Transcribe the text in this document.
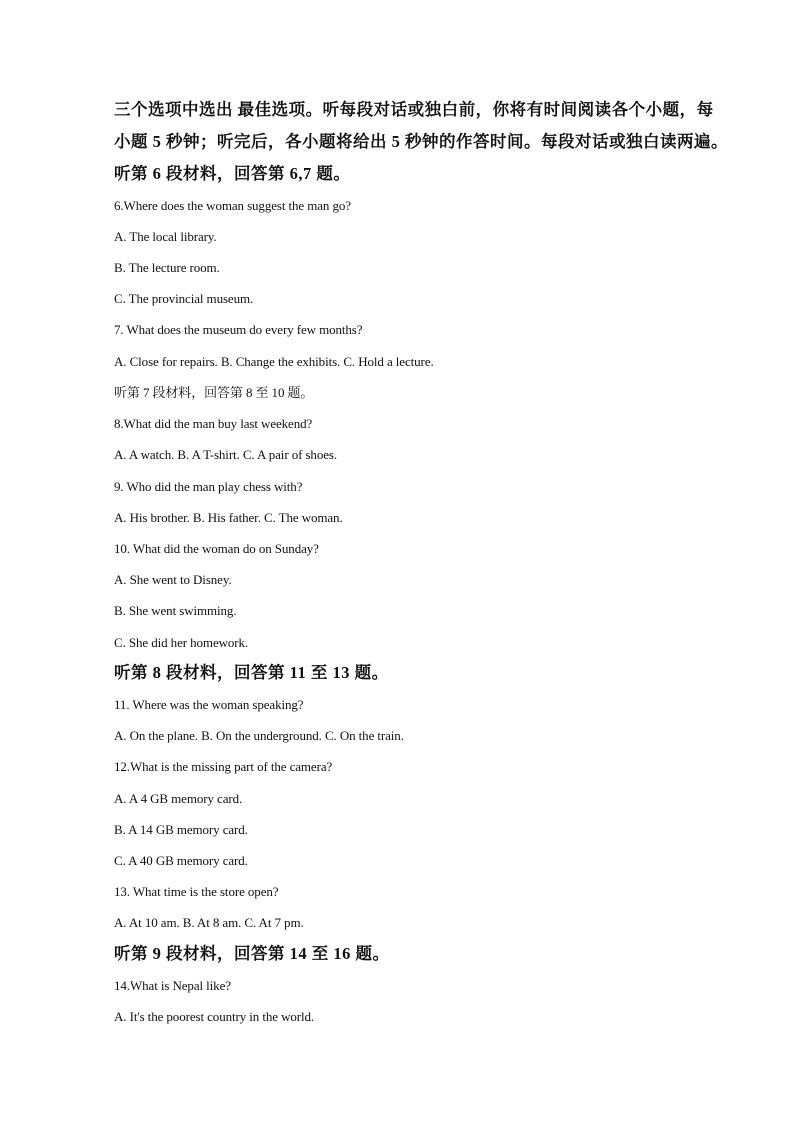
三个选项中选出 最佳选项。听每段对话或独白前，你将有时间阅读各个小题，每
小题 5 秒钟；听完后，各小题将给出 5 秒钟的作答时间。每段对话或独白读两遍。
听第 6 段材料，回答第 6,7 题。
6.Where does the woman suggest the man go?
A. The local library.
B. The lecture room.
C. The provincial museum.
7. What does the museum do every few months?
A. Close for repairs. B. Change the exhibits. C. Hold a lecture.
听第 7 段材料，回答第 8 至 10 题。
8.What did the man buy last weekend?
A. A watch. B. A T-shirt. C. A pair of shoes.
9. Who did the man play chess with?
A. His brother. B. His father. C. The woman.
10. What did the woman do on Sunday?
A. She went to Disney.
B. She went swimming.
C. She did her homework.
听第 8 段材料，回答第 11 至 13 题。
11. Where was the woman speaking?
A. On the plane. B. On the underground. C. On the train.
12.What is the missing part of the camera?
A. A 4 GB memory card.
B. A 14 GB memory card.
C. A 40 GB memory card.
13. What time is the store open?
A. At 10 am. B. At 8 am. C. At 7 pm.
听第 9 段材料，回答第 14 至 16 题。
14.What is Nepal like?
A. It's the poorest country in the world.
